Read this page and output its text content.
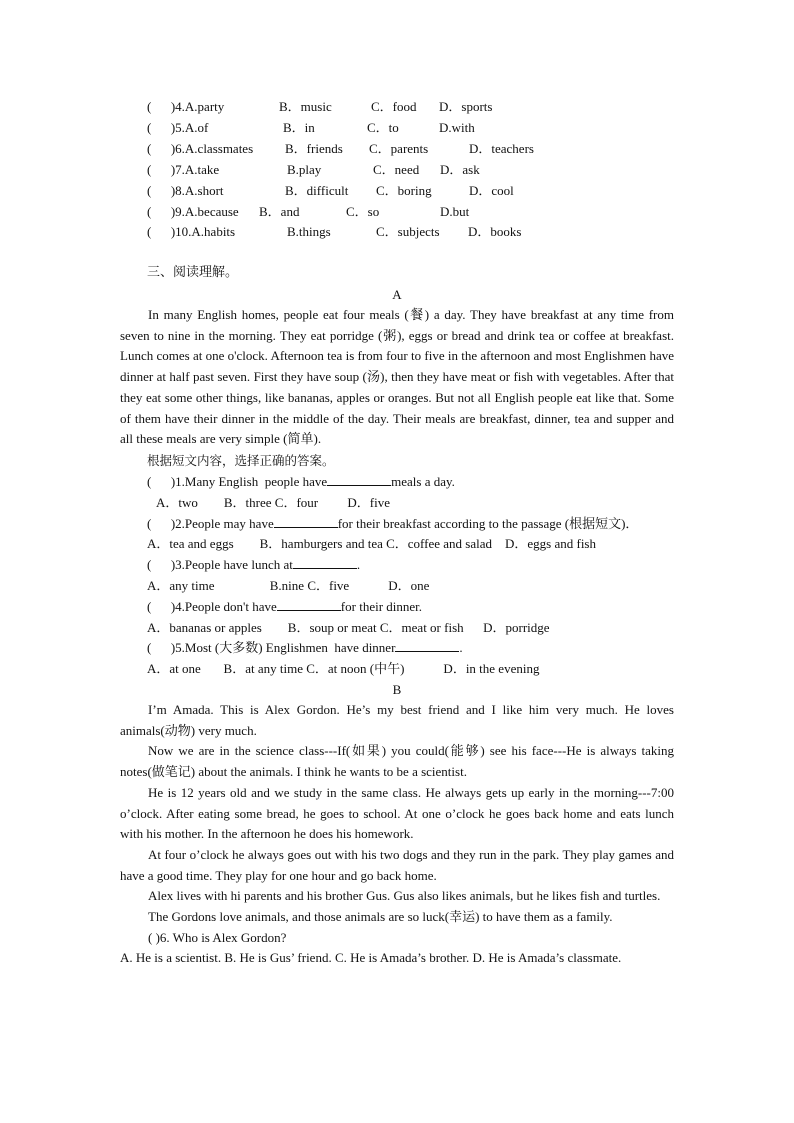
(      )4.A.party	B．music	C．food D．sports
(      )5.A.of	B．in	C．to	D.with
(      )6.A.classmates B．friends C．parents	D．teachers
(      )7.A.take	B.play	C．need D．ask
(      )8.A.short	B．difficult C．boring	D．cool
(      )9.A.because B．and	C．so	D.but
(      )10.A.habits	B.things	C．subjects D．books
三、阅读理解。
A

In many English homes, people eat four meals (餐) a day. They have breakfast at any time from seven to nine in the morning. They eat porridge (粥), eggs or bread and drink tea or coffee at breakfast. Lunch comes at one o'clock. Afternoon tea is from four to five in the afternoon and most Englishmen have dinner at half past seven. First they have soup (汤), then they have meat or fish with vegetables. After that they eat some other things, like bananas, apples or oranges. But not all English people eat like that. Some of them have their dinner in the middle of the day. Their meals are breakfast, dinner, tea and supper and all these meals are very simple (简单).

根据短文内容，选择正确的答案。
(      )1.Many English  people have	meals a day.
A．two        B．three C．four         D．five
(      )2.People may have	for their breakfast according to the passage (根据短文)．
A．tea and eggs        B．hamburgers and tea C．coffee and salad    D．eggs and fish
(      )3.People have lunch at	.
A．any time                 B.nine C．five            D．one
(      )4.People don't have	for their dinner.
A．bananas or apples        B．soup or meat C．meat or fish      D．porridge
(      )5.Most (大多数) Englishmen  have dinner	.
A．at one       B．at any time C．at noon (中午)            D．in the evening
B

I’m Amada. This is Alex Gordon. He’s my best friend and I like him very much. He loves animals(动物) very much.

Now we are in the science class---If(如果) you could(能够) see his face---He is always taking notes(做笔记) about the animals. I think he wants to be a scientist.

He is 12 years old and we study in the same class. He always gets up early in the morning---7:00 o’clock. After eating some bread, he goes to school. At one o’clock he goes back home and eats lunch with his mother. In the afternoon he does his homework.

At four o’clock he always goes out with his two dogs and they run in the park. They play games and have a good time. They play for one hour and go back home.

Alex lives with hi parents and his brother Gus. Gus also likes animals, but he likes fish and turtles.

The Gordons love animals, and those animals are so luck(幸运) to have them as a family.

( )6. Who is Alex Gordon?

A. He is a scientist. B. He is Gus’ friend. C. He is Amada’s brother. D. He is Amada’s classmate.
